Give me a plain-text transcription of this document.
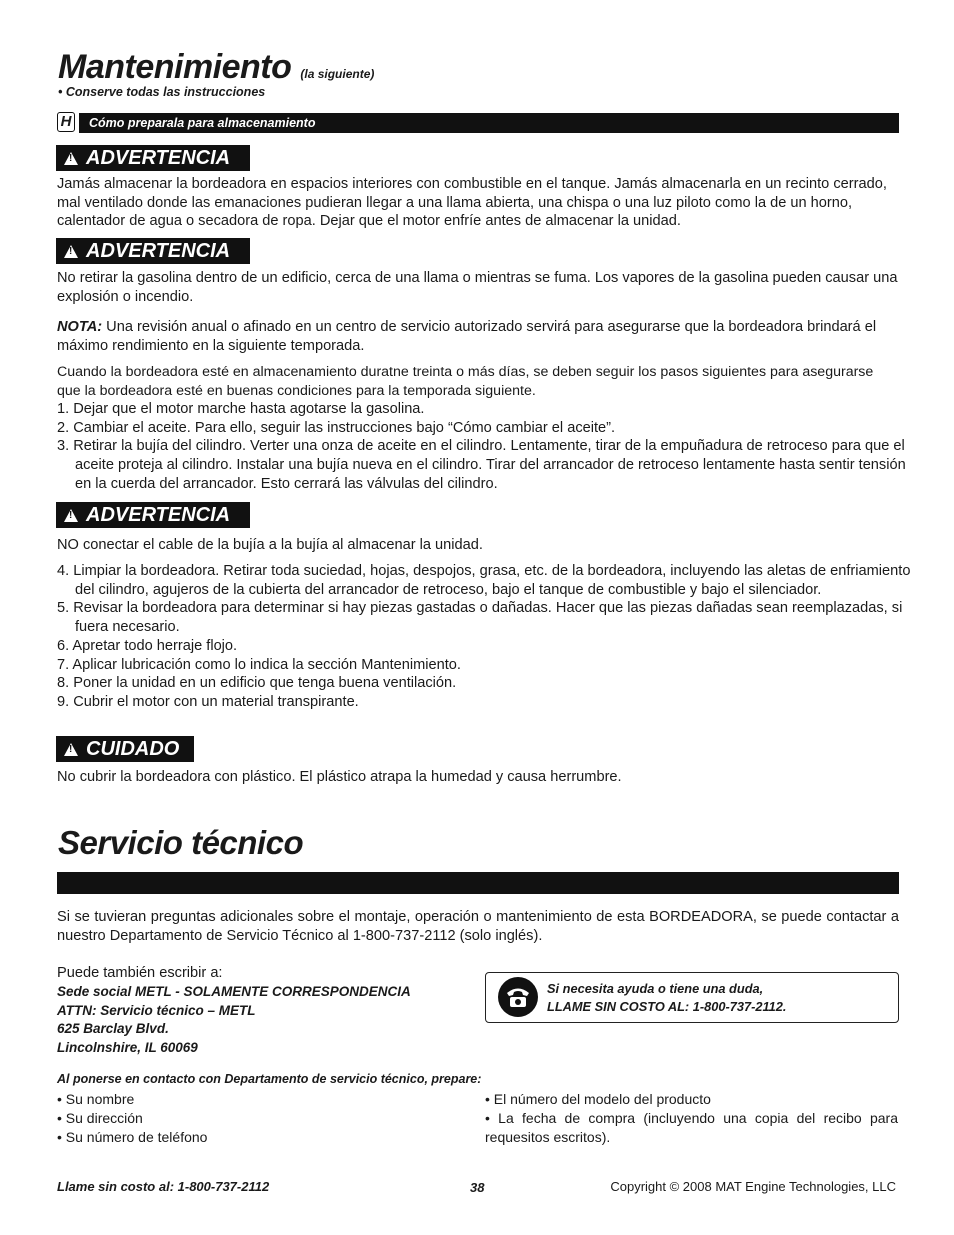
Mantenimiento (la siguiente)
• Conserve todas las instrucciones
Cómo preparala para almacenamiento
H
!ADVERTENCIA
Jamás almacenar la bordeadora en espacios interiores con combustible en el tanque. Jamás almacenarla en un recinto cerrado, mal ventilado donde las emanaciones pudieran llegar a una llama abierta, una chispa o una luz piloto como la de un horno, calentador de agua o secadora de ropa. Dejar que el motor enfríe antes de almacenar la unidad.
!ADVERTENCIA
No retirar la gasolina dentro de un edificio, cerca de una llama o mientras se fuma. Los vapores de la gasolina pueden causar una explosión o incendio.
NOTA: Una revisión anual o afinado en un centro de servicio autorizado servirá para asegurarse que la bordeadora brindará el máximo rendimiento en la siguiente temporada.
Cuando la bordeadora esté en almacenamiento duratne treinta o más días, se deben seguir los pasos siguientes para asegurarse que la bordeadora esté en buenas condiciones para la temporada siguiente.
1. Dejar que el motor marche hasta agotarse la gasolina.
2. Cambiar el aceite. Para ello, seguir las instrucciones bajo “Cómo cambiar el aceite”.
3. Retirar la bujía del cilindro. Verter una onza de aceite en el cilindro. Lentamente, tirar de la empuñadura de retroceso para que el aceite proteja al cilindro. Instalar una bujía nueva en el cilindro. Tirar del arrancador de retroceso lentamente hasta sentir tensión en la cuerda del arrancador. Esto cerrará las válvulas del cilindro.
!ADVERTENCIA
NO conectar el cable de la bujía a la bujía al almacenar la unidad.
4. Limpiar la bordeadora. Retirar toda suciedad, hojas, despojos, grasa, etc. de la bordeadora, incluyendo las aletas de enfriamiento del cilindro, agujeros de la cubierta del arrancador de retroceso, bajo el tanque de combustible y bajo el silenciador.
5. Revisar la bordeadora para determinar si hay piezas gastadas o dañadas. Hacer que las piezas dañadas sean reemplazadas, si fuera necesario.
6. Apretar todo herraje flojo.
7. Aplicar lubricación como lo indica la sección Mantenimiento.
8. Poner la unidad en un edificio que tenga buena ventilación.
9. Cubrir el motor con un material transpirante.
!CUIDADO
No cubrir la bordeadora con plástico. El plástico atrapa la humedad y causa herrumbre.
Servicio técnico
Si se tuvieran preguntas adicionales sobre el montaje, operación o mantenimiento de esta BORDEADORA, se puede contactar a nuestro Departamento de Servicio Técnico al 1-800-737-2112 (solo inglés).
Puede también escribir a:
Sede social METL - SOLAMENTE CORRESPONDENCIA
ATTN: Servicio técnico – METL
625 Barclay Blvd.
Lincolnshire, IL 60069
Si necesita ayuda o tiene una duda,
LLAME SIN COSTO AL: 1-800-737-2112.
Al ponerse en contacto con Departamento de servicio técnico, prepare:
• Su nombre
• Su dirección
• Su número de teléfono
• El número del modelo del producto
• La fecha de compra (incluyendo una copia del recibo para requesitos escritos).
Llame sin costo al: 1-800-737-2112	38	Copyright © 2008 MAT Engine Technologies, LLC
